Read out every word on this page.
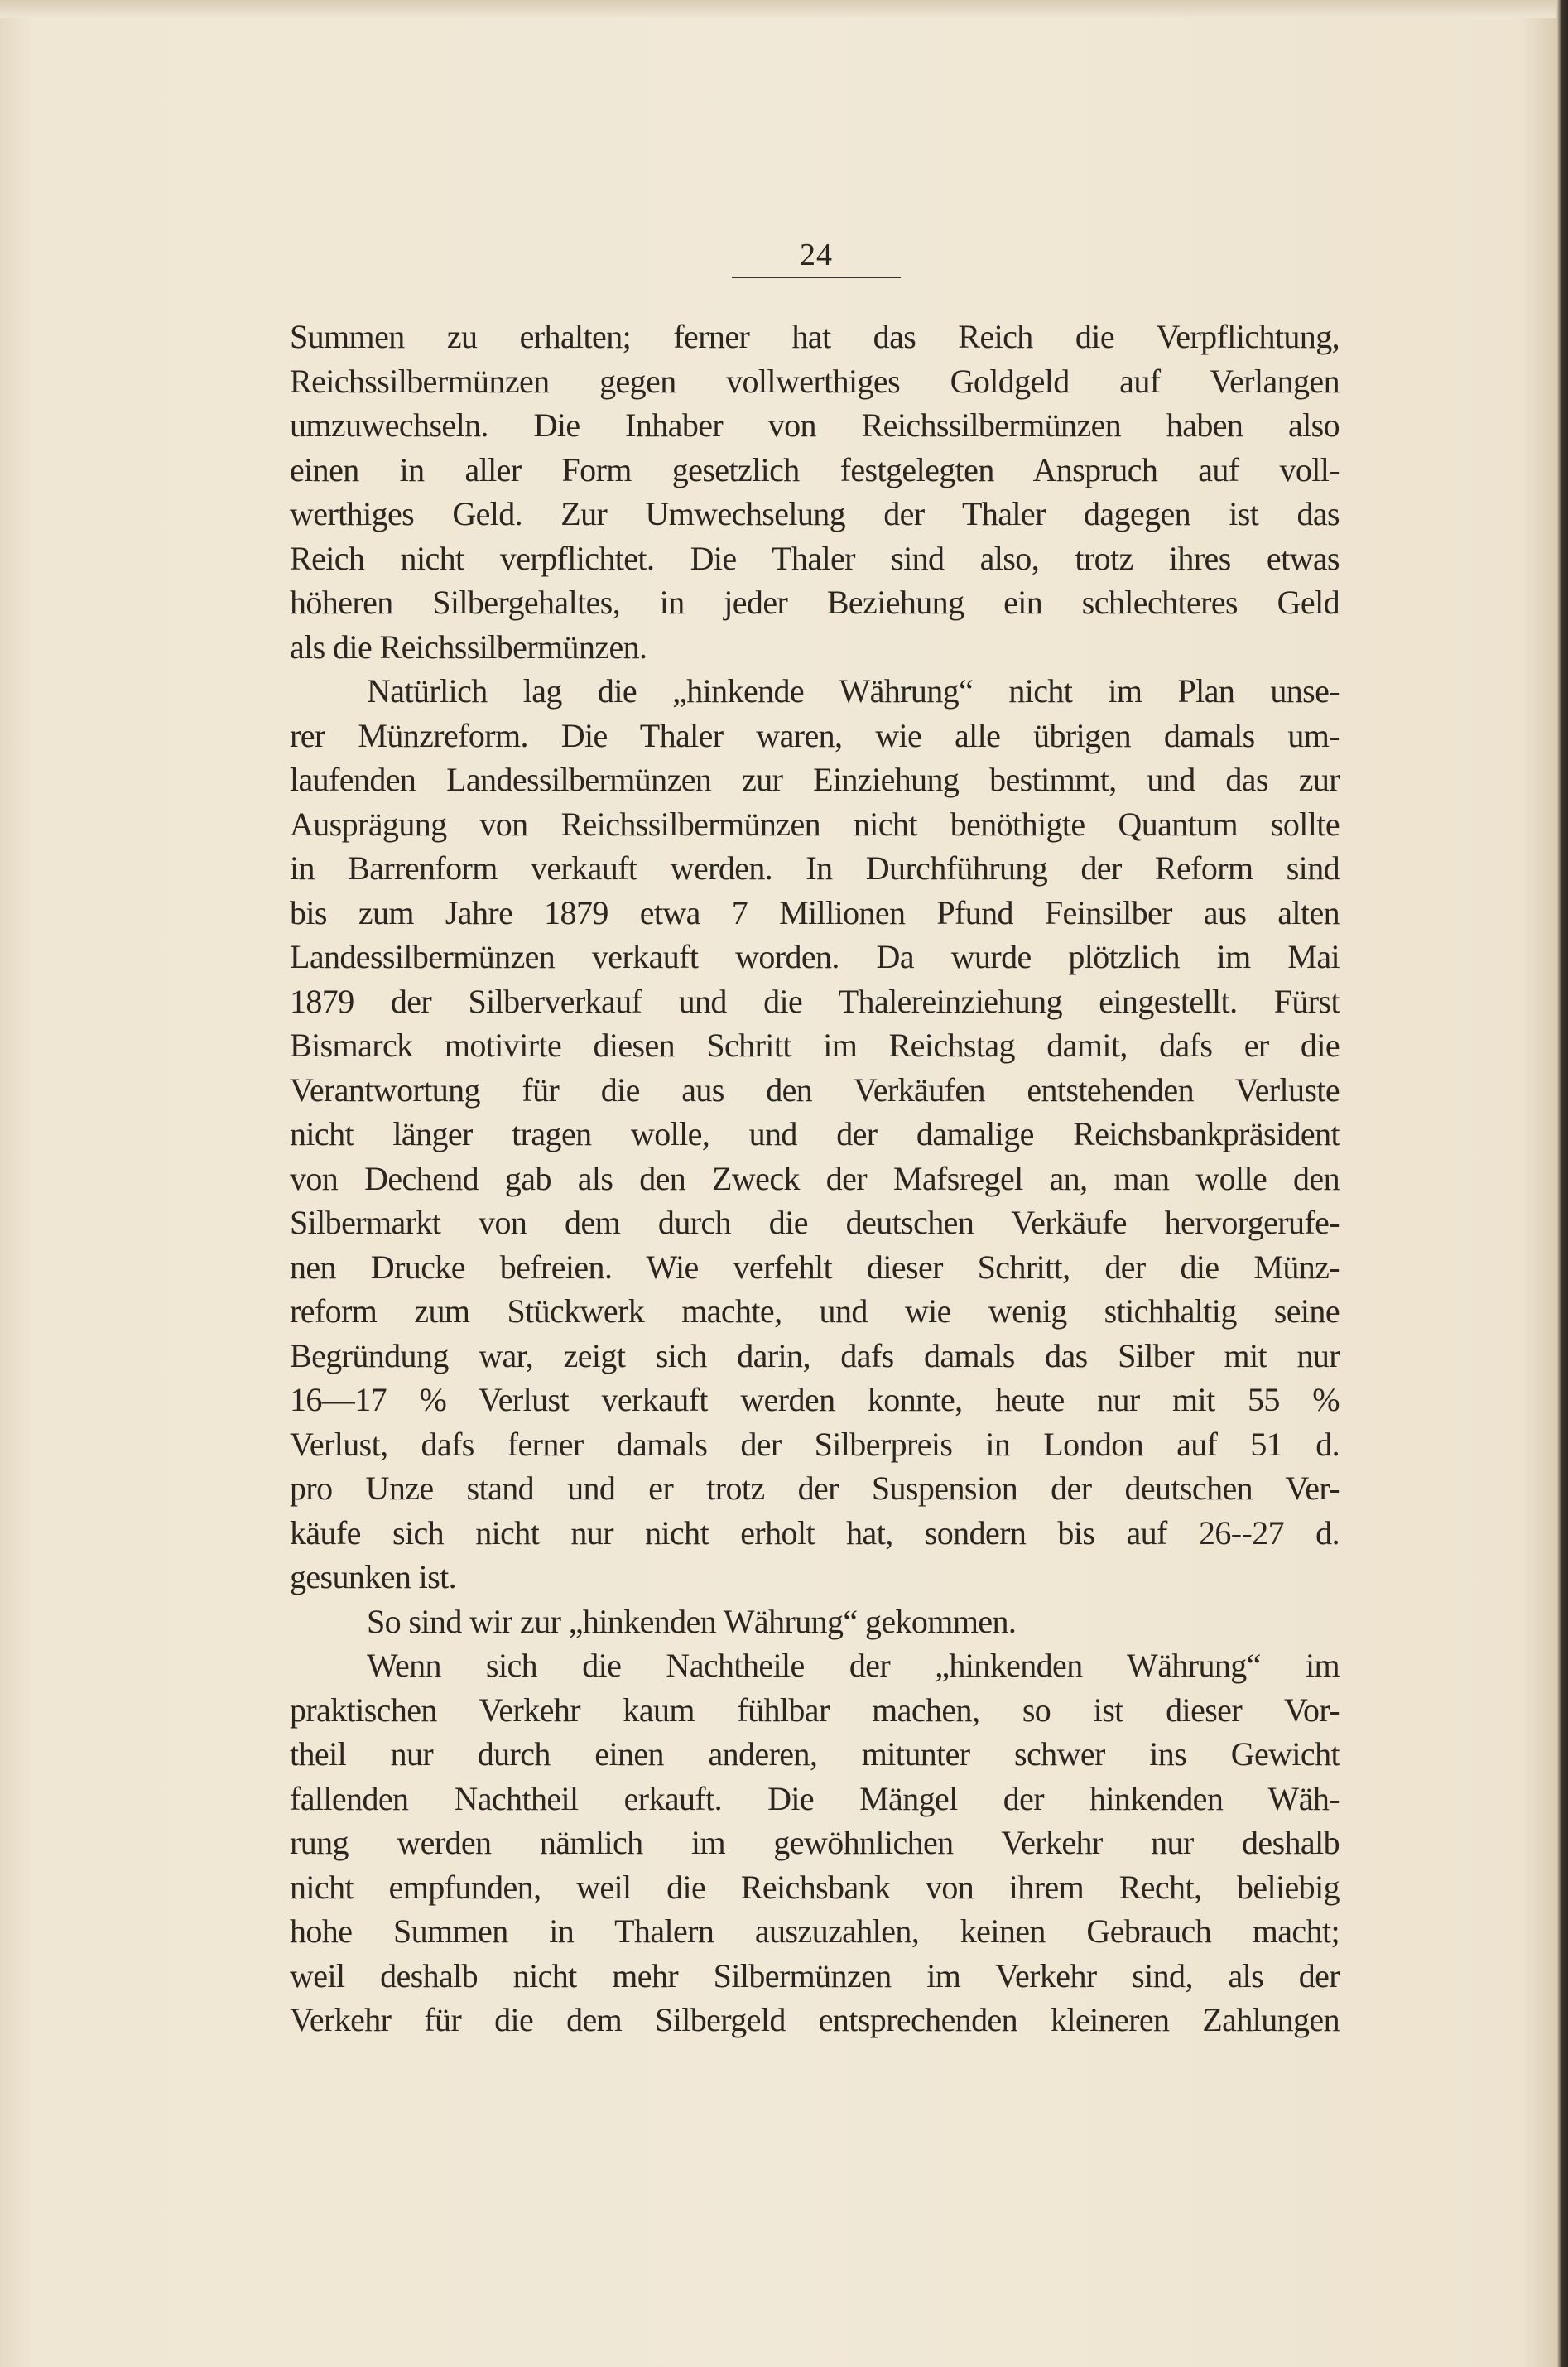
24
Summen zu erhalten; ferner hat das Reich die Verpflichtung,
Reichssilbermünzen gegen vollwerthiges Goldgeld auf Verlangen
umzuwechseln. Die Inhaber von Reichssilbermünzen haben also
einen in aller Form gesetzlich festgelegten Anspruch auf voll-
werthiges Geld. Zur Umwechselung der Thaler dagegen ist das
Reich nicht verpflichtet. Die Thaler sind also, trotz ihres etwas
höheren Silbergehaltes, in jeder Beziehung ein schlechteres Geld
als die Reichssilbermünzen.
Natürlich lag die „hinkende Währung“ nicht im Plan unse-
rer Münzreform. Die Thaler waren, wie alle übrigen damals um-
laufenden Landessilbermünzen zur Einziehung bestimmt, und das zur
Ausprägung von Reichssilbermünzen nicht benöthigte Quantum sollte
in Barrenform verkauft werden. In Durchführung der Reform sind
bis zum Jahre 1879 etwa 7 Millionen Pfund Feinsilber aus alten
Landessilbermünzen verkauft worden. Da wurde plötzlich im Mai
1879 der Silberverkauf und die Thalereinziehung eingestellt. Fürst
Bismarck motivirte diesen Schritt im Reichstag damit, dafs er die
Verantwortung für die aus den Verkäufen entstehenden Verluste
nicht länger tragen wolle, und der damalige Reichsbankpräsident
von Dechend gab als den Zweck der Mafsregel an, man wolle den
Silbermarkt von dem durch die deutschen Verkäufe hervorgerufe-
nen Drucke befreien. Wie verfehlt dieser Schritt, der die Münz-
reform zum Stückwerk machte, und wie wenig stichhaltig seine
Begründung war, zeigt sich darin, dafs damals das Silber mit nur
16—17 % Verlust verkauft werden konnte, heute nur mit 55 %
Verlust, dafs ferner damals der Silberpreis in London auf 51 d.
pro Unze stand und er trotz der Suspension der deutschen Ver-
käufe sich nicht nur nicht erholt hat, sondern bis auf 26--27 d.
gesunken ist.
So sind wir zur „hinkenden Währung“ gekommen.
Wenn sich die Nachtheile der „hinkenden Währung“ im
praktischen Verkehr kaum fühlbar machen, so ist dieser Vor-
theil nur durch einen anderen, mitunter schwer ins Gewicht
fallenden Nachtheil erkauft. Die Mängel der hinkenden Wäh-
rung werden nämlich im gewöhnlichen Verkehr nur deshalb
nicht empfunden, weil die Reichsbank von ihrem Recht, beliebig
hohe Summen in Thalern auszuzahlen, keinen Gebrauch macht;
weil deshalb nicht mehr Silbermünzen im Verkehr sind, als der
Verkehr für die dem Silbergeld entsprechenden kleineren Zahlungen
